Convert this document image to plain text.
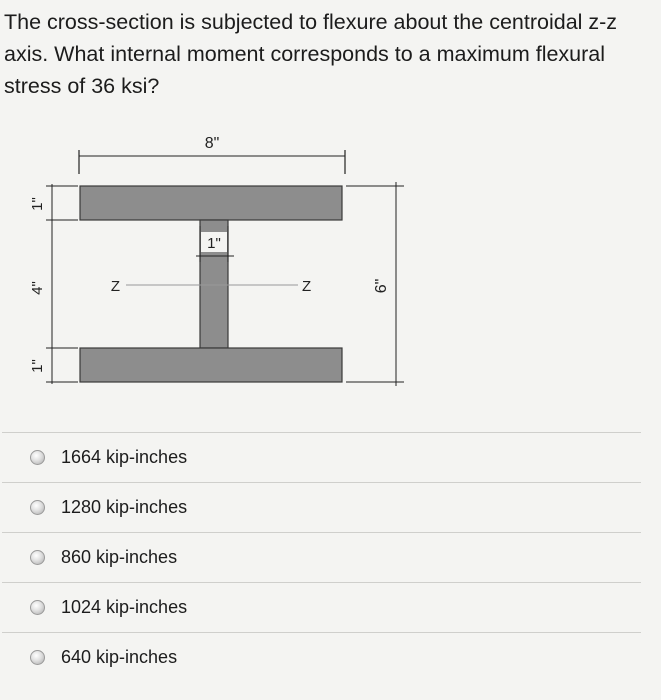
The cross-section is subjected to flexure about the centroidal z-z axis. What internal moment corresponds to a maximum flexural stress of 36 ksi?

8"
1"
Z	Z
1"
4"
1"
6"
1664 kip-inches
1280 kip-inches
860 kip-inches
1024 kip-inches
640 kip-inches
